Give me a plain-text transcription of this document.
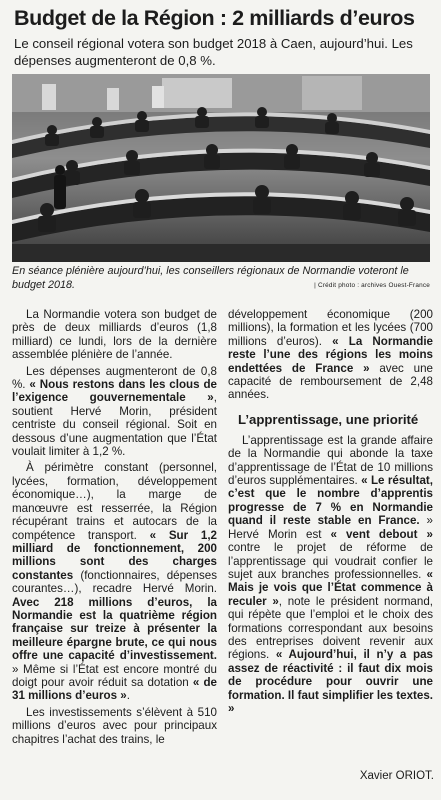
Budget de la Région : 2 milliards d’euros

Le conseil régional votera son budget 2018 à Caen, aujourd’hui. Les dépenses augmenteront de 0,8 %.

En séance plénière aujourd’hui, les conseillers régionaux de Normandie voteront le budget 2018.	| Crédit photo : archives Ouest-France

La Normandie votera son budget de près de deux milliards d’euros (1,8 milliard) ce lundi, lors de la dernière assemblée plénière de l’année.

Les dépenses augmenteront de 0,8 %. « Nous restons dans les clous de l’exigence gouvernementale », soutient Hervé Morin, président centriste du conseil régional. Soit en dessous d’une augmentation que l’État voulait limiter à 1,2 %.

À périmètre constant (personnel, lycées, formation, développement économique…), la marge de manœuvre est resserrée, la Région récupérant trains et autocars de la compétence transport. « Sur 1,2 milliard de fonctionnement, 200 millions sont des charges constantes (fonctionnaires, dépenses courantes…), recadre Hervé Morin. Avec 218 millions d’euros, la Normandie est la quatrième région française sur treize à présenter la meilleure épargne brute, ce qui nous offre une capacité d’investissement. » Même si l’État est encore montré du doigt pour avoir réduit sa dotation « de 31 millions d’euros ».

Les investissements s’élèvent à 510 millions d’euros avec pour principaux chapitres l’achat des trains, le

développement économique (200 millions), la formation et les lycées (700 millions d’euros). « La Normandie reste l’une des régions les moins endettées de France » avec une capacité de remboursement de 2,48 années.

L’apprentissage, une priorité

L’apprentissage est la grande affaire de la Normandie qui abonde la taxe d’apprentissage de l’État de 10 millions d’euros supplémentaires. « Le résultat, c’est que le nombre d’apprentis progresse de 7 % en Normandie quand il reste stable en France. » Hervé Morin est « vent debout » contre le projet de réforme de l’apprentissage qui voudrait confier le sujet aux branches professionnelles. « Mais je vois que l’État commence à reculer », note le président normand, qui répète que l’emploi et le choix des formations correspondant aux besoins des entreprises doivent revenir aux régions. « Aujourd’hui, il n’y a pas assez de réactivité : il faut dix mois de procédure pour ouvrir une formation. Il faut simplifier les textes. »

Xavier ORIOT.
